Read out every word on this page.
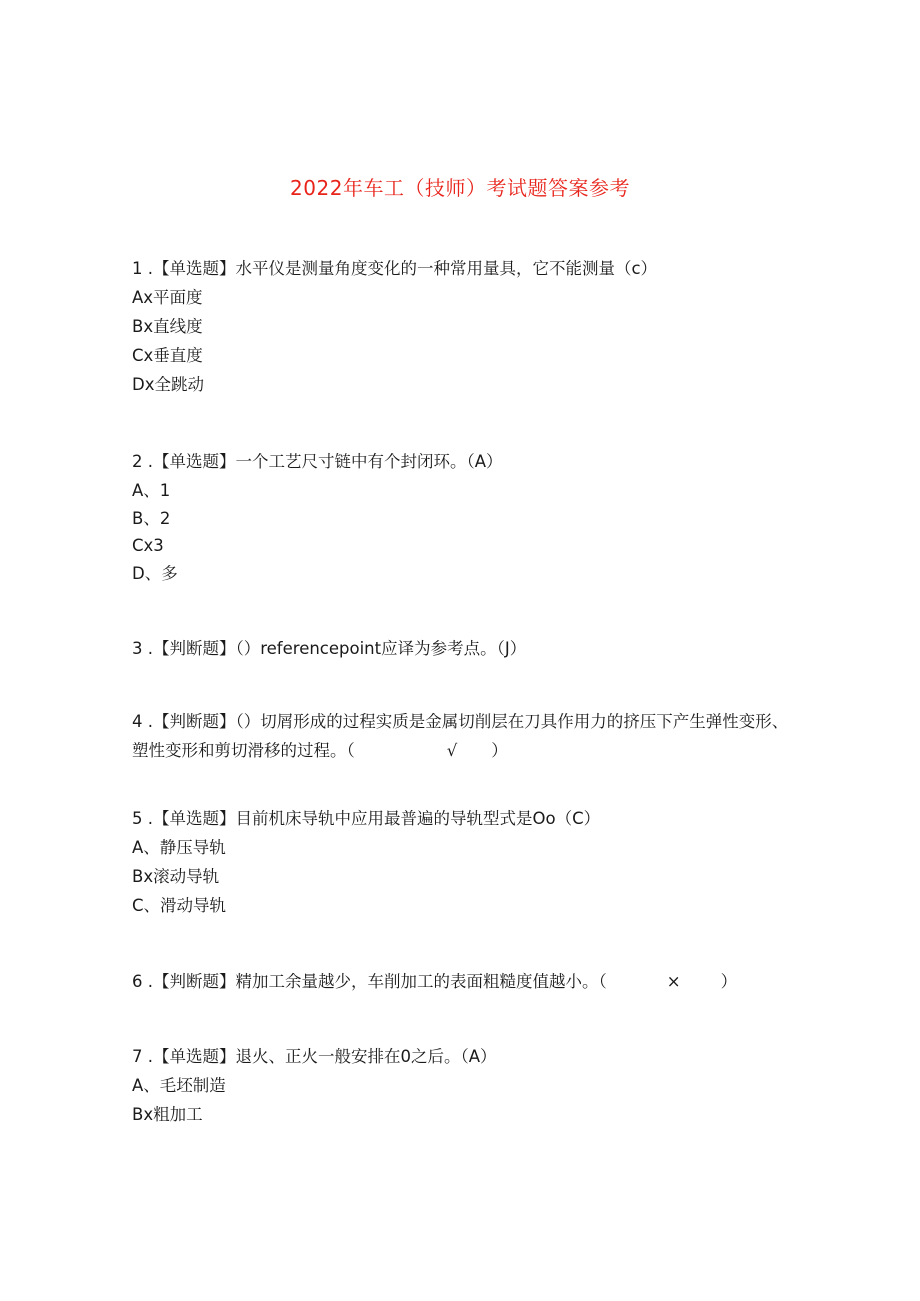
2022年车工（技师）考试题答案参考
1 .【单选题】水平仪是测量角度变化的一种常用量具，它不能测量（c）
Ax平面度
Bx直线度
Cx垂直度
Dx全跳动
2 .【单选题】一个工艺尺寸链中有个封闭环。（A）
A、1
B、2
Cx3
D、多
3 .【判断题】（）referencepoint应译为参考点。（J）
4 .【判断题】（）切屑形成的过程实质是金属切削层在刀具作用力的挤压下产生弹性变形、塑性变形和剪切滑移的过程。（	√ ）
5 .【单选题】目前机床导轨中应用最普遍的导轨型式是Oo（C）
A、静压导轨
Bx滚动导轨
C、滑动导轨
6 .【判断题】精加工余量越少，车削加工的表面粗糙度值越小。（	× ）
7 .【单选题】退火、正火一般安排在0之后。（A）
A、毛坯制造
Bx粗加工
